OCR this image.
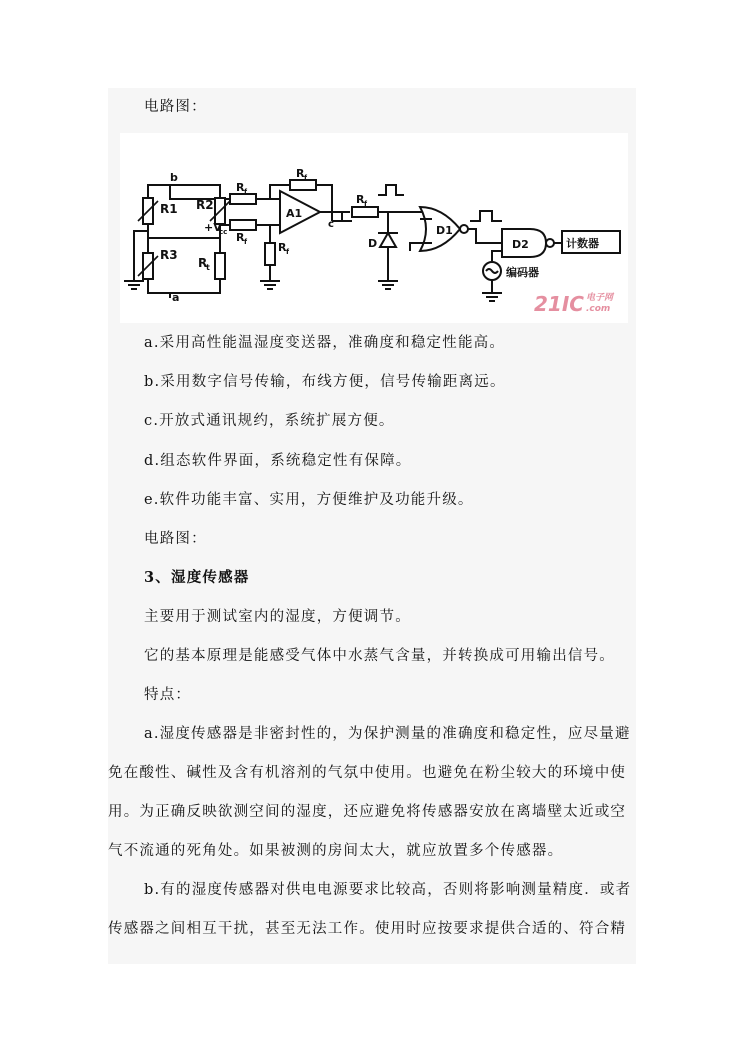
电路图：
b
a
R1 R2
R3
R
t
+V
cc
R f
R f
R f	R f
R f
A1
c
D
D1
D2	计数器
编码器
21IC 电子网
.com
a.采用高性能温湿度变送器，准确度和稳定性能高。
b.采用数字信号传输，布线方便，信号传输距离远。
c.开放式通讯规约，系统扩展方便。
d.组态软件界面，系统稳定性有保障。
e.软件功能丰富、实用，方便维护及功能升级。
电路图：
3、湿度传感器
主要用于测试室内的湿度，方便调节。
它的基本原理是能感受气体中水蒸气含量，并转换成可用输出信号。
特点：
a.湿度传感器是非密封性的，为保护测量的准确度和稳定性，应尽量避
免在酸性、碱性及含有机溶剂的气氛中使用。也避免在粉尘较大的环境中使
用。为正确反映欲测空间的湿度，还应避免将传感器安放在离墙壁太近或空
气不流通的死角处。如果被测的房间太大，就应放置多个传感器。
b.有的湿度传感器对供电电源要求比较高，否则将影响测量精度．或者
传感器之间相互干扰，甚至无法工作。使用时应按要求提供合适的、符合精
